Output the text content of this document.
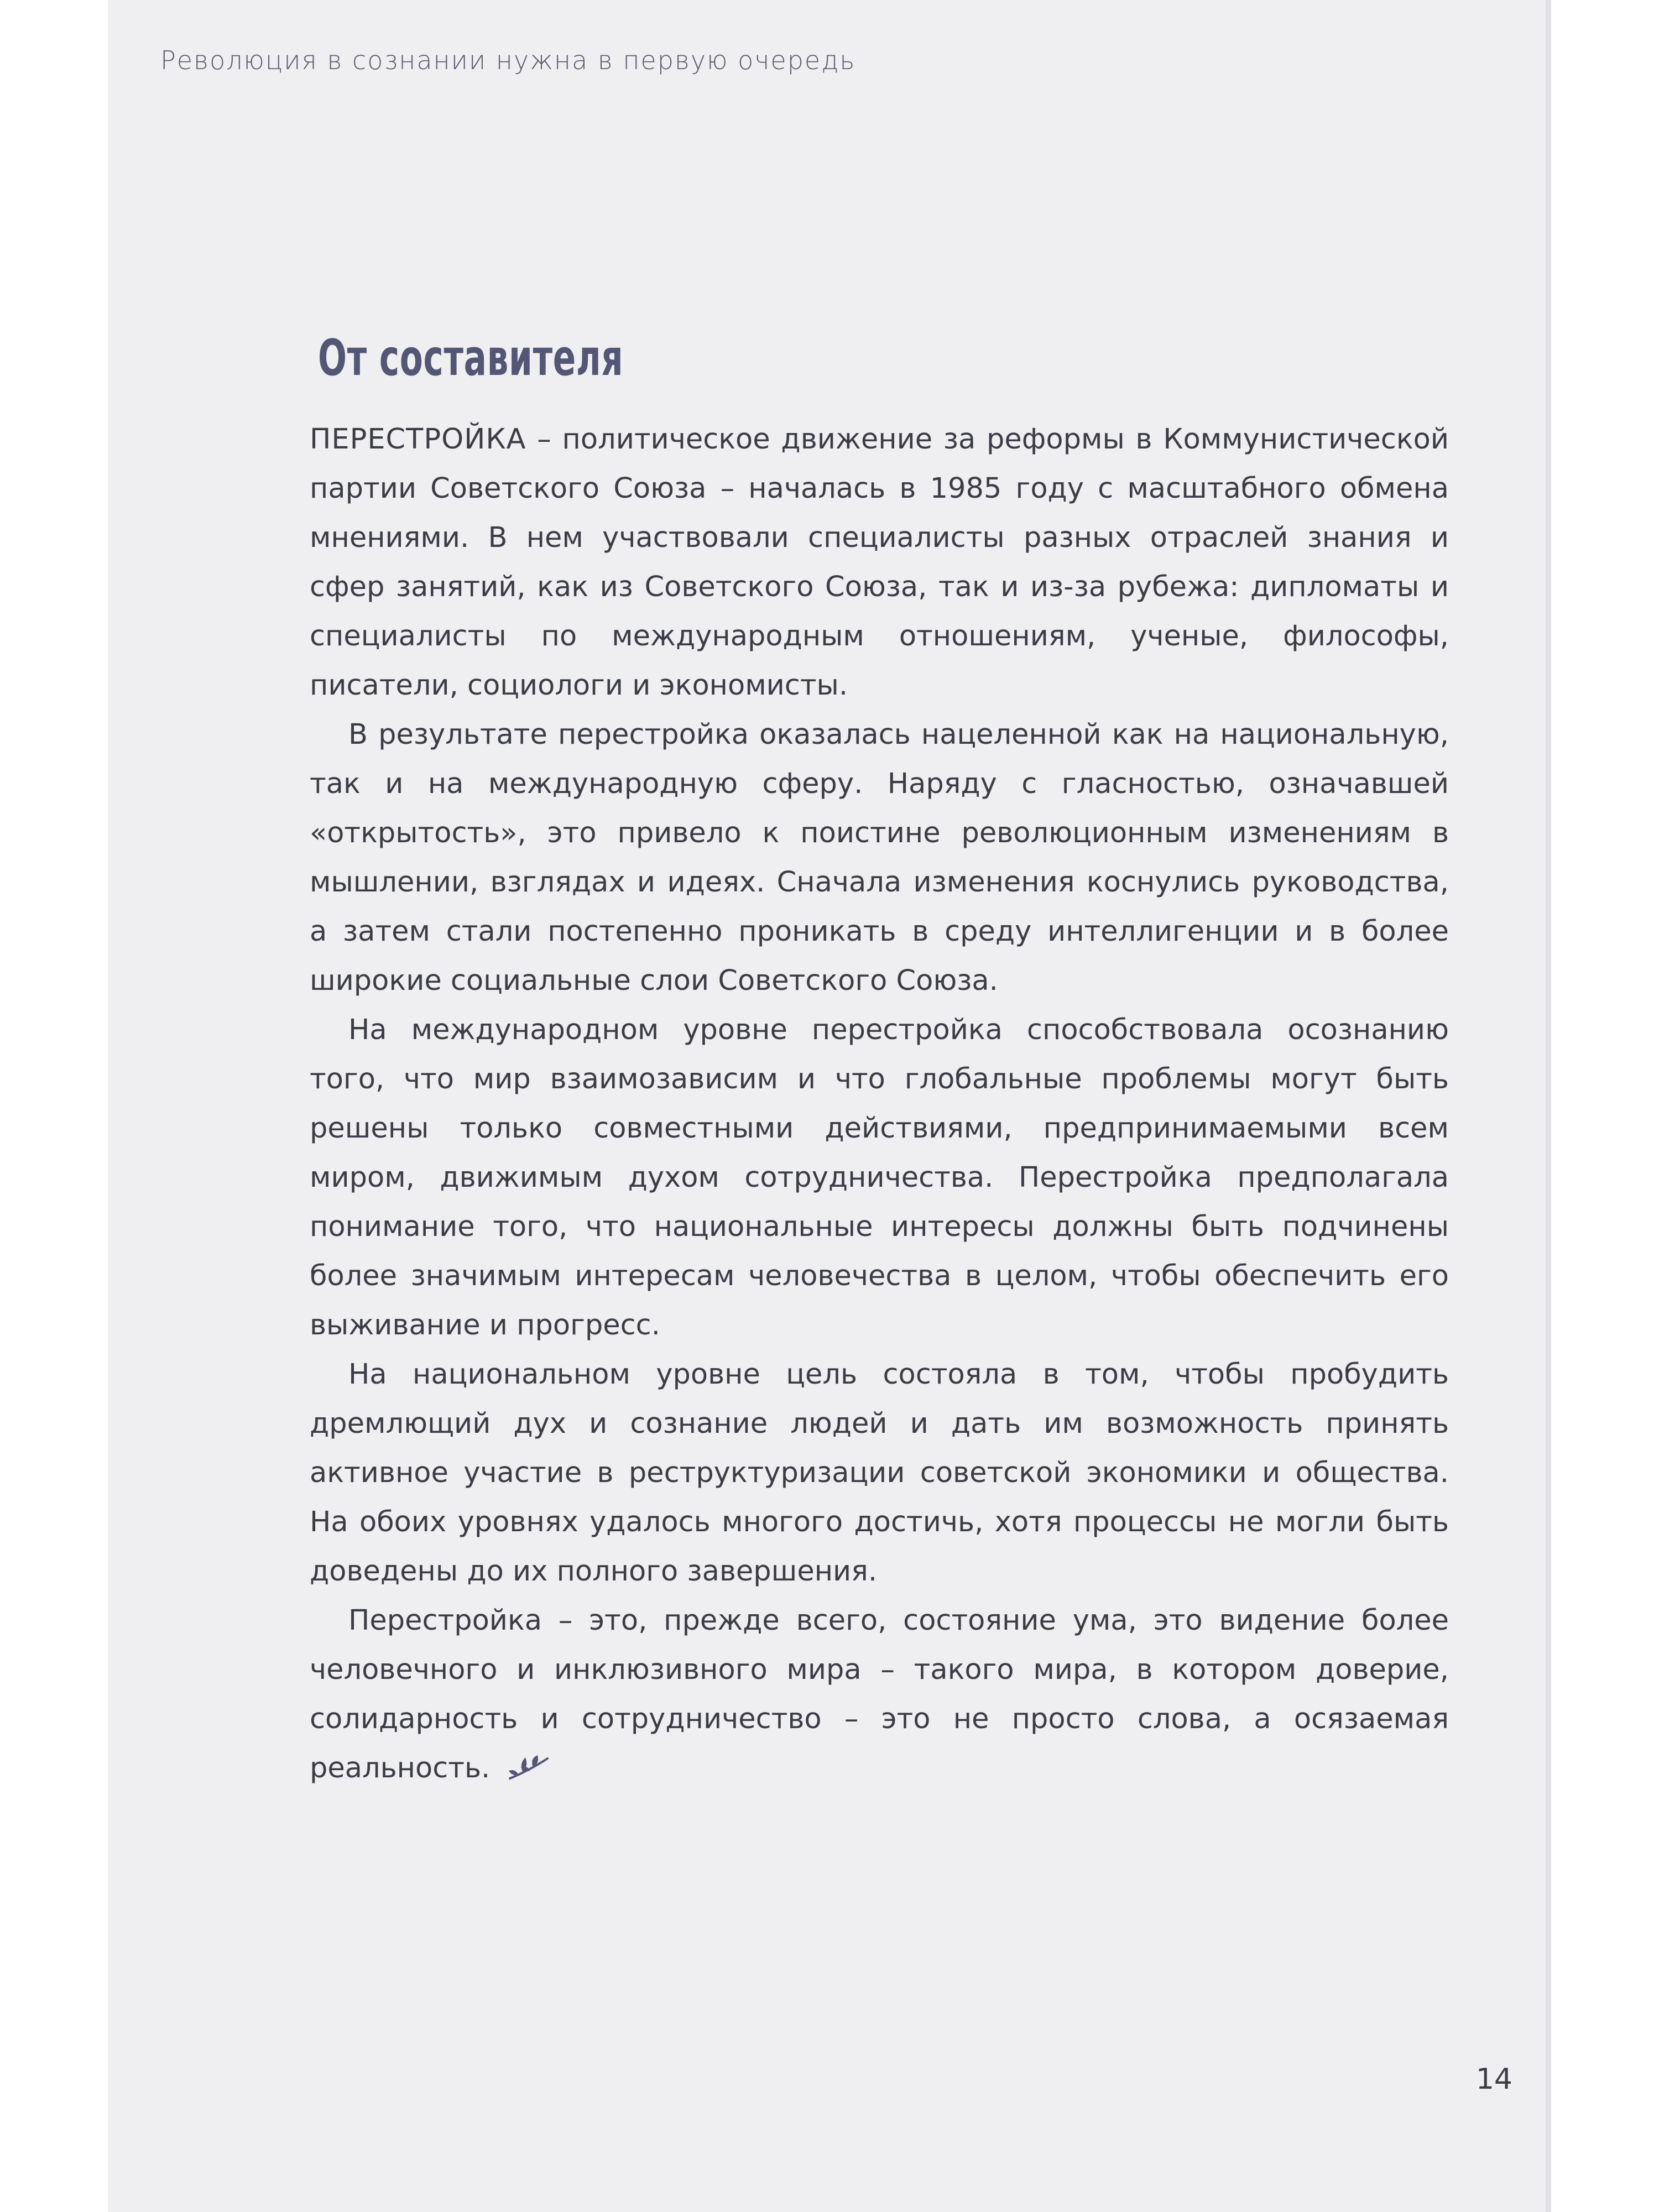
Революция в сознании нужна в первую очередь
От составителя

ПЕРЕСТРОЙКА – политическое движение за реформы в Коммунистической партии Советского Союза – началась в 1985 году с масштабного обмена мнениями. В нем участвовали специалисты разных отраслей знания и сфер занятий, как из Советского Союза, так и из-за рубежа: дипломаты и специалисты по международным отношениям, ученые, философы, писатели, социологи и экономисты.

В результате перестройка оказалась нацеленной как на национальную, так и на международную сферу. Наряду с гласностью, означавшей «открытость», это привело к поистине революционным изменениям в мышлении, взглядах и идеях. Сначала изменения коснулись руководства, а затем стали постепенно проникать в среду интеллигенции и в более широкие социальные слои Советского Союза.

На международном уровне перестройка способствовала осознанию того, что мир взаимозависим и что глобальные проблемы могут быть решены только совместными действиями, предпринимаемыми всем миром, движимым духом сотрудничества. Перестройка предполагала понимание того, что национальные интересы должны быть подчинены более значимым интересам человечества в целом, чтобы обеспечить его выживание и прогресс.

На национальном уровне цель состояла в том, чтобы пробудить дремлющий дух и сознание людей и дать им возможность принять активное участие в реструктуризации советской экономики и общества. На обоих уровнях удалось многого достичь, хотя процессы не могли быть доведены до их полного завершения.

Перестройка – это, прежде всего, состояние ума, это видение более человечного и инклюзивного мира – такого мира, в котором доверие, солидарность и сотрудничество – это не просто слова, а осязаемая реальность.

14
